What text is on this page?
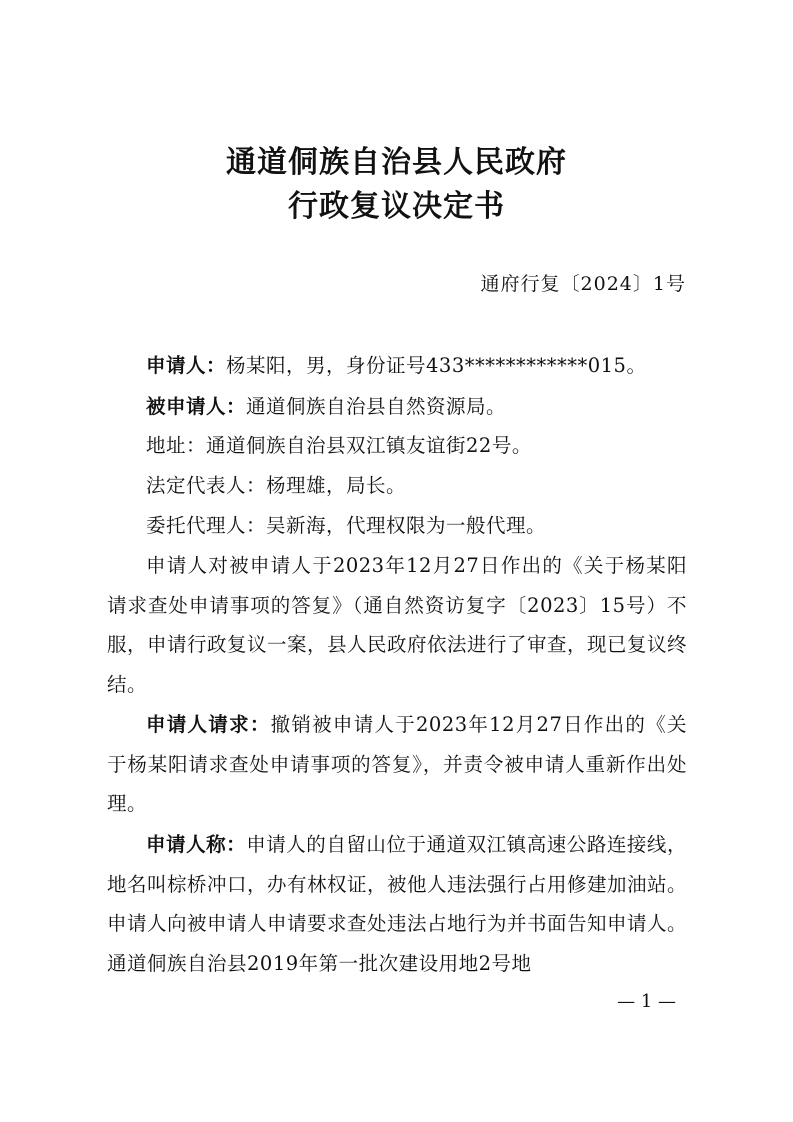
通道侗族自治县人民政府
行政复议决定书
通府行复〔2024〕1号

申请人：杨某阳，男，身份证号433************015。

被申请人：通道侗族自治县自然资源局。

地址：通道侗族自治县双江镇友谊街22号。

法定代表人：杨理雄，局长。

委托代理人：吴新海，代理权限为一般代理。

申请人对被申请人于2023年12月27日作出的《关于杨某阳请求查处申请事项的答复》（通自然资访复字〔2023〕15号）不服，申请行政复议一案，县人民政府依法进行了审查，现已复议终结。

申请人请求：撤销被申请人于2023年12月27日作出的《关于杨某阳请求查处申请事项的答复》，并责令被申请人重新作出处理。

申请人称：申请人的自留山位于通道双江镇高速公路连接线，地名叫棕桥冲口，办有林权证，被他人违法强行占用修建加油站。申请人向被申请人申请要求查处违法占地行为并书面告知申请人。通道侗族自治县2019年第一批次建设用地2号地

— 1 —
